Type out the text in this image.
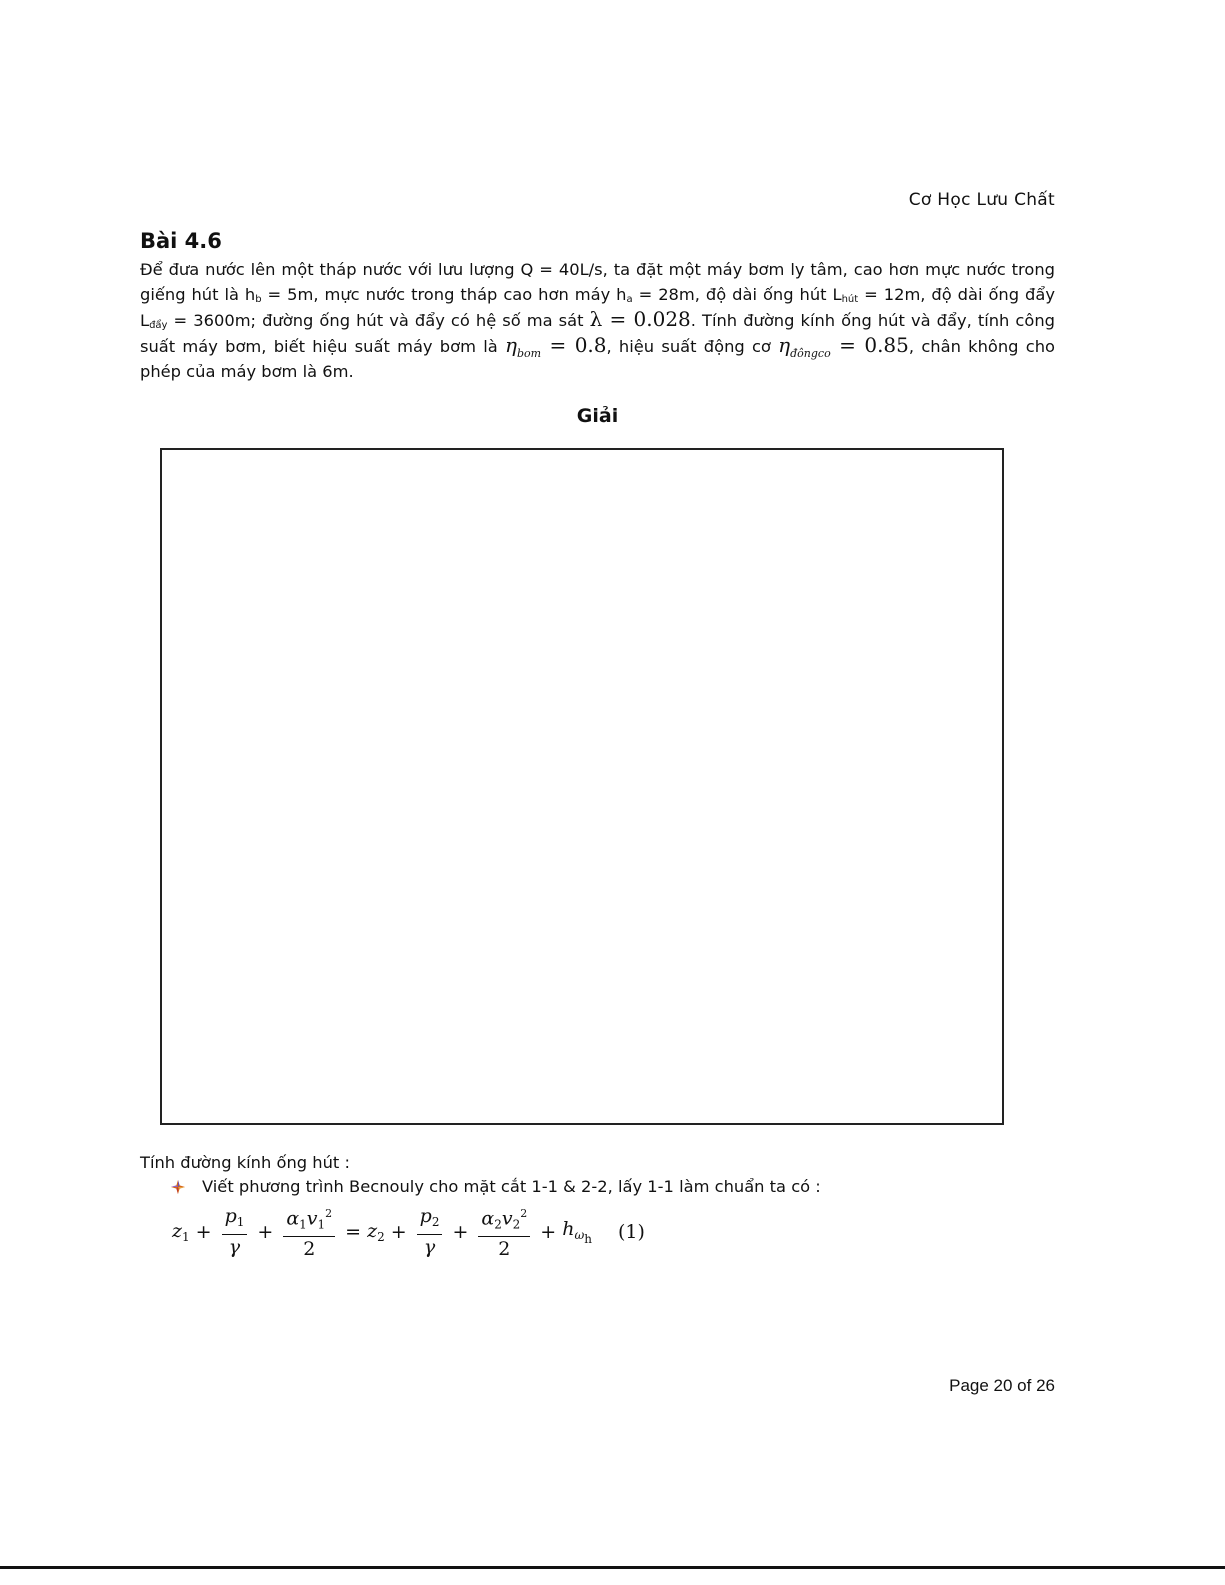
Cơ Học Lưu Chất
Bài 4.6
Để đưa nước lên một tháp nước với lưu lượng Q = 40L/s, ta đặt một máy bơm ly tâm, cao hơn mực nước trong giếng hút là $h_b = 5m$, mực nước trong tháp cao hơn máy $h_a = 28m$, độ dài ống hút $L_{hút} = 12m$, độ dài ống đẩy $L_{đẩy} = 3600m$; đường ống hút và đẩy có hệ số ma sát λ = 0.028. Tính đường kính ống hút và đẩy, tính công suất máy bơm, biết hiệu suất máy bơm là $\eta_{bom} = 0.8$, hiệu suất động cơ $\eta_{đôngco} = 0.85$, chân không cho phép của máy bơm là 6m.
Giải
Tính đường kính ống hút :
Viết phương trình Becnouly cho mặt cắt 1-1 & 2-2, lấy 1-1 làm chuẩn ta có :
$z_1 + \frac{p_1}{\gamma} + \frac{\alpha_1v_1^2}{2} = z_2 + \frac{p_2}{\gamma} + \frac{\alpha_2v_2^2}{2} + h_{\omega_h}$ (1)
Page 20 of 26
